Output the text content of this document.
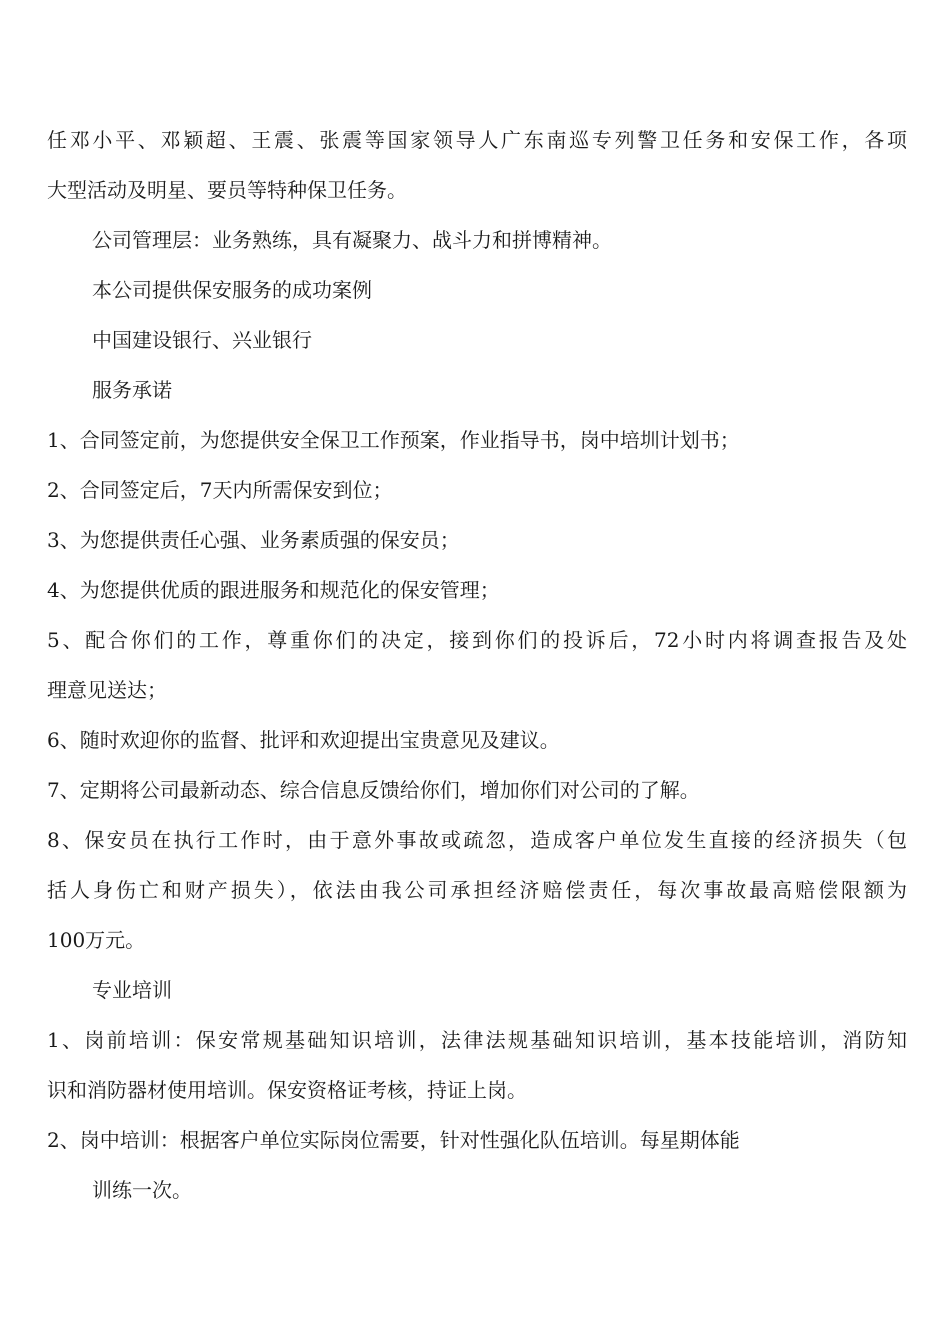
任邓小平、邓颖超、王震、张震等国家领导人广东南巡专列警卫任务和安保工作，各项
大型活动及明星、要员等特种保卫任务。
公司管理层：业务熟练，具有凝聚力、战斗力和拼博精神。
本公司提供保安服务的成功案例
中国建设银行、兴业银行
服务承诺
1、合同签定前，为您提供安全保卫工作预案，作业指导书，岗中培圳计划书；
2、合同签定后，7天内所需保安到位；
3、为您提供责任心强、业务素质强的保安员；
4、为您提供优质的跟进服务和规范化的保安管理；
5、配合你们的工作，尊重你们的决定，接到你们的投诉后，72小时内将调查报告及处
理意见送达；
6、随时欢迎你的监督、批评和欢迎提出宝贵意见及建议。
7、定期将公司最新动态、综合信息反馈给你们，增加你们对公司的了解。
8、保安员在执行工作时，由于意外事故或疏忽，造成客户单位发生直接的经济损失（包
括人身伤亡和财产损失），依法由我公司承担经济赔偿责任，每次事故最高赔偿限额为
100万元。
专业培训
1、岗前培训：保安常规基础知识培训，法律法规基础知识培训，基本技能培训，消防知
识和消防器材使用培训。保安资格证考核，持证上岗。
2、岗中培训：根据客户单位实际岗位需要，针对性强化队伍培训。每星期体能
训练一次。
